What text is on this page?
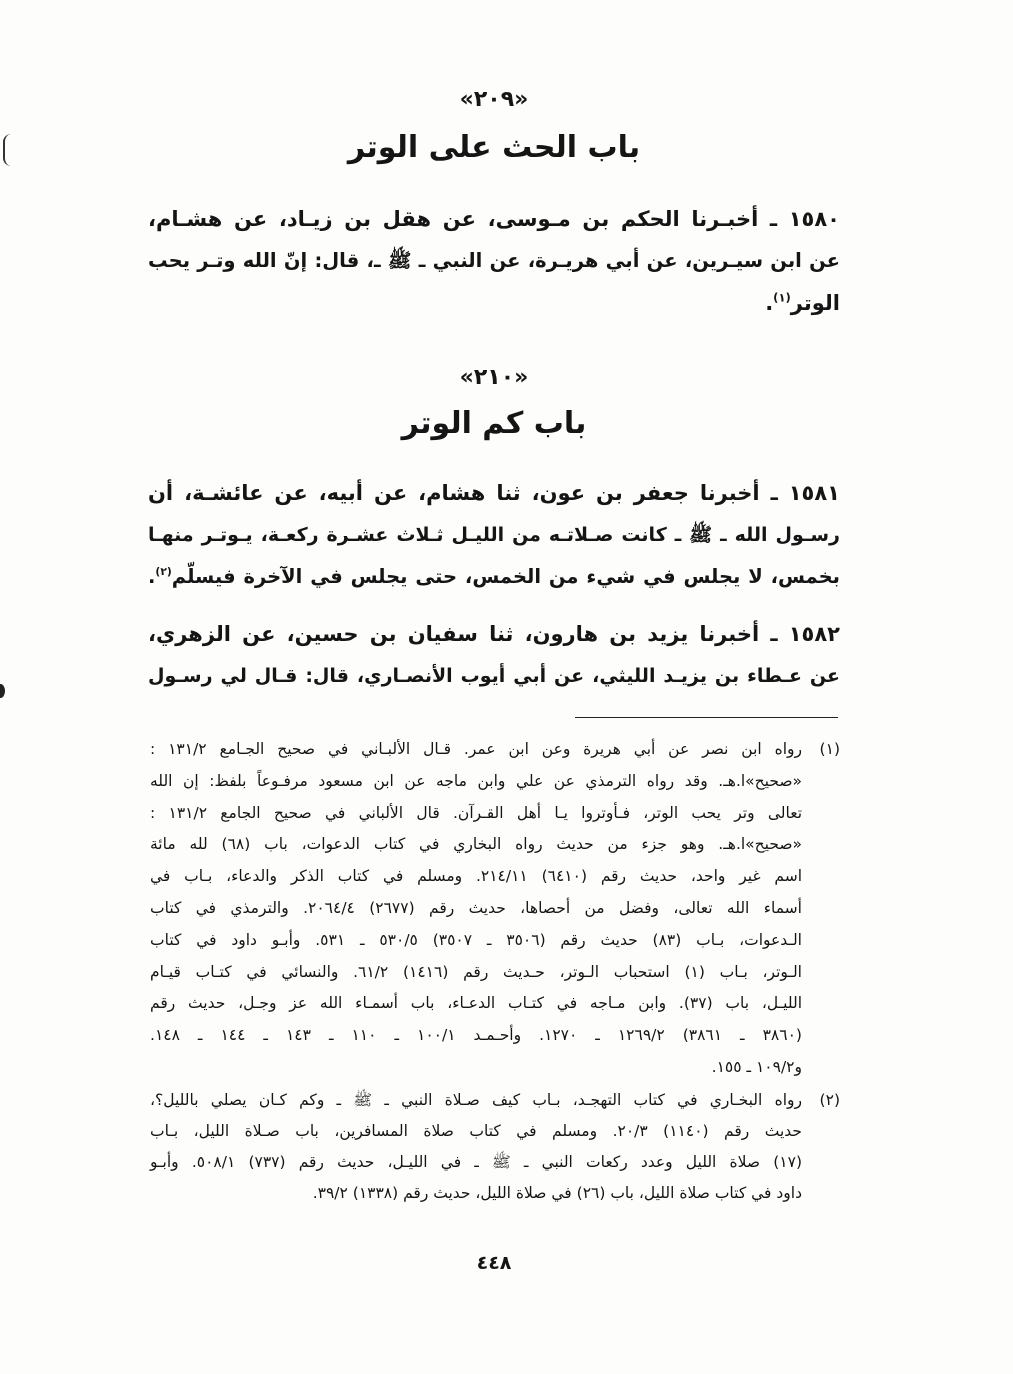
«٢٠٩»
باب الحث على الوتر
١٥٨٠ ـ أخبـرنا الحكم بن مـوسى، عن هقل بن زيـاد، عن هشـام،
عن ابن سيـرين، عن أبي هريـرة، عن النبي ـ ﷺ ـ، قال: إنّ الله وتـر يحب
الوتر$^{(١)}$.
«٢١٠»
باب كم الوتر
١٥٨١ ـ أخبرنا جعفر بن عون، ثنا هشام، عن أبيه، عن عائشـة، أن
رسـول الله ـ ﷺ ـ كانت صـلاتـه من الليـل ثـلاث عشـرة ركعـة، يـوتـر منهـا
بخمس، لا يجلس في شيء من الخمس، حتى يجلس في الآخرة فيسلّم$^{(٢)}$.
١٥٨٢ ـ أخبرنا يزيد بن هارون، ثنا سفيان بن حسين، عن الزهري،
عن عـطاء بن يزيـد الليثي، عن أبي أيوب الأنصـاري، قال: قـال لي رسـول
(١)
رواه ابن نصر عن أبي هريرة وعن ابن عمر. قـال الألبـاني في صحيح الجـامع ١٣١/٢ :
«صحيح»ا.هـ. وقد رواه الترمذي عن علي وابن ماجه عن ابن مسعود مرفـوعاً بلفظ: إن الله
تعالى وتر يحب الوتر، فـأوتروا يـا أهل القـرآن. قال الألباني في صحيح الجامع ١٣١/٢ :
«صحيح»ا.هـ. وهو جزء من حديث رواه البخاري في كتاب الدعوات، باب (٦٨) لله مائة
اسم غير واحد، حديث رقم (٦٤١٠) ٢١٤/١١. ومسلم في كتاب الذكر والدعاء، بـاب في
أسماء الله تعالى، وفضل من أحصاها، حديث رقم (٢٦٧٧) ٢٠٦٤/٤. والترمذي في كتاب
الـدعوات، بـاب (٨٣) حديث رقم (٣٥٠٦ ـ ٣٥٠٧) ٥٣٠/٥ ـ ٥٣١. وأبـو داود في كتاب
الـوتر، بـاب (١) استحباب الـوتر، حـديث رقم (١٤١٦) ٦١/٢. والنسائي في كتـاب قيـام
الليـل، باب (٣٧). وابن مـاجه في كتـاب الدعـاء، باب أسمـاء الله عز وجـل، حديث رقم
(٣٨٦٠ ـ ٣٨٦١) ١٢٦٩/٢ ـ ١٢٧٠. وأحـمـد ١٠٠/١ ـ ١١٠ ـ ١٤٣ ـ ١٤٤ ـ ١٤٨.
و١٠٩/٢ ـ ١٥٥.
(٢)
رواه البخـاري في كتاب التهجـد، بـاب كيف صـلاة النبي ـ ﷺ ـ وكم كـان يصلي بالليل؟،
حديث رقم (١١٤٠) ٢٠/٣. ومسلم في كتاب صلاة المسافرين، باب صـلاة الليل، بـاب
(١٧) صلاة الليل وعدد ركعات النبي ـ ﷺ ـ في الليـل، حديث رقم (٧٣٧) ٥٠٨/١. وأبـو
داود في كتاب صلاة الليل، باب (٢٦) في صلاة الليل، حديث رقم (١٣٣٨) ٣٩/٢.
٤٤٨
